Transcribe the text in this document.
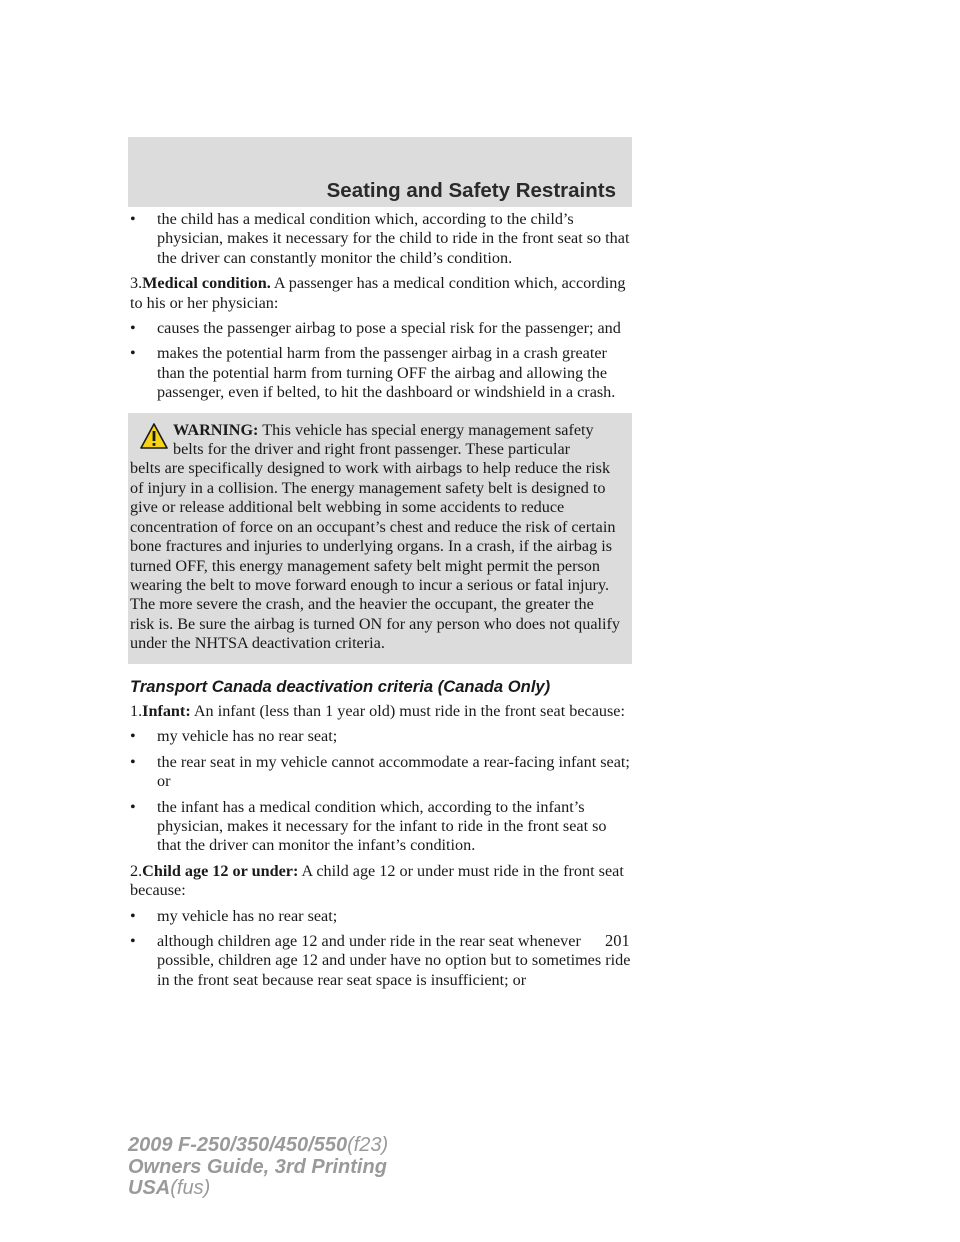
Seating and Safety Restraints
•	the child has a medical condition which, according to the child’s physician, makes it necessary for the child to ride in the front seat so that the driver can constantly monitor the child’s condition.

3.Medical condition. A passenger has a medical condition which, according to his or her physician:

•	causes the passenger airbag to pose a special risk for the passenger; and
•	makes the potential harm from the passenger airbag in a crash greater than the potential harm from turning OFF the airbag and allowing the passenger, even if belted, to hit the dashboard or windshield in a crash.

WARNING: This vehicle has special energy management safety belts for the driver and right front passenger. These particular

belts are specifically designed to work with airbags to help reduce the risk of injury in a collision. The energy management safety belt is designed to give or release additional belt webbing in some accidents to reduce concentration of force on an occupant’s chest and reduce the risk of certain bone fractures and injuries to underlying organs. In a crash, if the airbag is turned OFF, this energy management safety belt might permit the person wearing the belt to move forward enough to incur a serious or fatal injury. The more severe the crash, and the heavier the occupant, the greater the risk is. Be sure the airbag is turned ON for any person who does not qualify under the NHTSA deactivation criteria.

Transport Canada deactivation criteria (Canada Only)

1.Infant: An infant (less than 1 year old) must ride in the front seat because:

•	my vehicle has no rear seat;
•	the rear seat in my vehicle cannot accommodate a rear-facing infant seat; or
•	the infant has a medical condition which, according to the infant’s physician, makes it necessary for the infant to ride in the front seat so that the driver can monitor the infant’s condition.

2.Child age 12 or under: A child age 12 or under must ride in the front seat because:

•	my vehicle has no rear seat;
•	although children age 12 and under ride in the rear seat whenever possible, children age 12 and under have no option but to sometimes ride in the front seat because rear seat space is insufficient; or
201
2009 F-250/350/450/550(f23)
Owners Guide, 3rd Printing
USA(fus)
